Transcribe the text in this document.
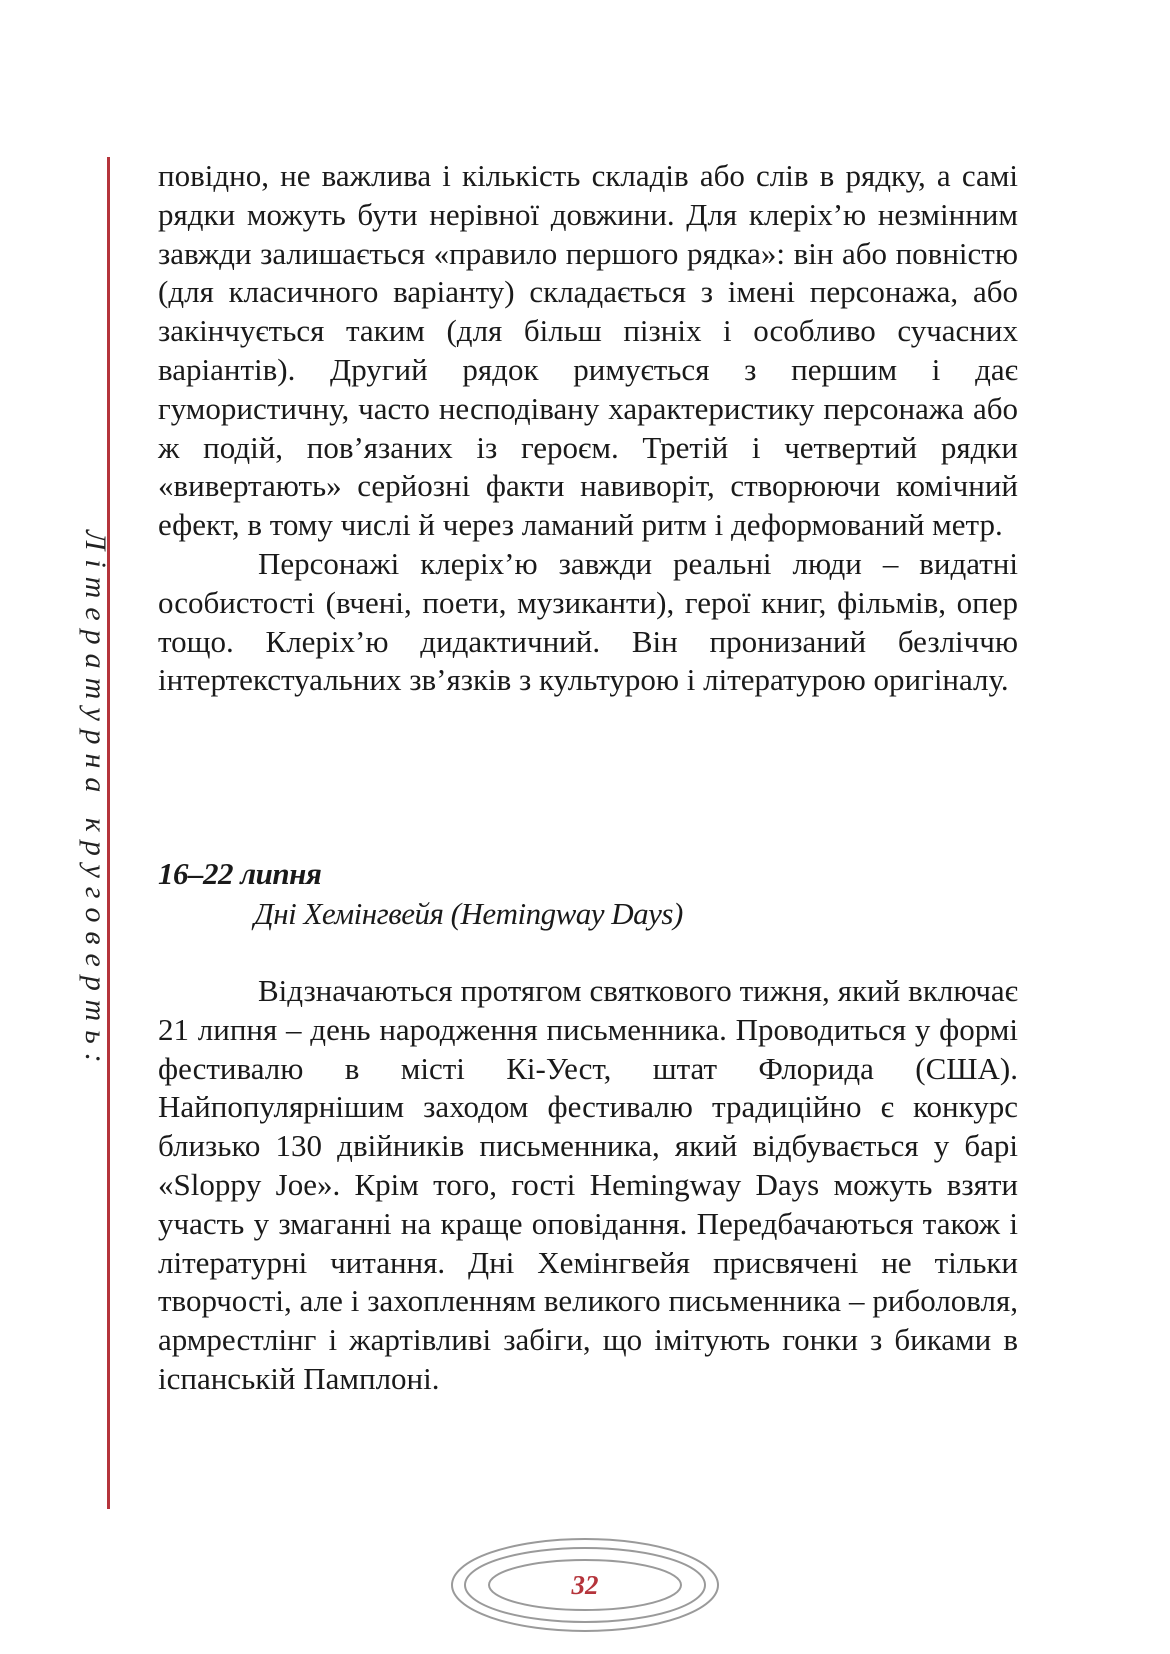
Літературна круговерть:

повідно, не важлива і кількість складів або слів в рядку, а самі рядки можуть бути нерівної довжини. Для клеріх’ю незмінним завжди залишається «правило першого рядка»: він або повністю (для класичного варіанту) складається з імені персонажа, або закінчується таким (для більш пізніх і особливо сучасних варіантів). Другий рядок римується з першим і дає гумористичну, часто несподівану характеристику персонажа або ж подій, пов’язаних із героєм. Третій і четвертий рядки «вивертають» серйозні факти навиворіт, створюючи комічний ефект, в тому числі й через ламаний ритм і деформований метр.

Персонажі клеріх’ю завжди реальні люди – видатні особистості (вчені, поети, музиканти), герої книг, фільмів, опер тощо. Клеріх’ю дидактичний. Він пронизаний безліччю інтертекстуальних зв’язків з культурою і літературою оригіналу.

16–22 липня
Дні Хемінгвейя (Hemingway Days)

Відзначаються протягом святкового тижня, який включає 21 липня – день народження письменника. Проводиться у формі фестивалю в місті Кі-Уест, штат Флорида (США). Найпопулярнішим заходом фестивалю традиційно є конкурс близько 130 двійників письменника, який відбувається у барі «Sloppy Joe». Крім того, гості Hemingway Days можуть взяти участь у змаганні на краще оповідання. Передбачаються також і літературні читання. Дні Хемінгвейя присвячені не тільки творчості, але і захопленням великого письменника – риболовля, армрестлінг і жартівливі забіги, що імітують гонки з биками в іспанській Памплоні.

32
